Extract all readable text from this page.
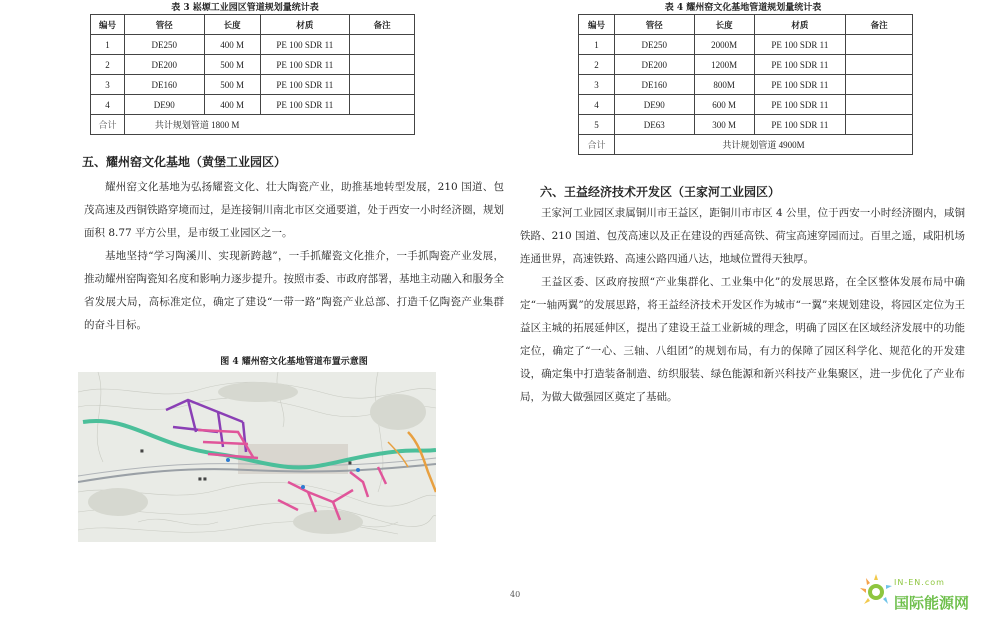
表 3 崧塬工业园区管道规划量统计表
编号	管径	长度	材质	备注
1	DE250	400 M	PE 100 SDR 11	
2	DE200	500 M	PE 100 SDR 11	
3	DE160	500 M	PE 100 SDR 11	
4	DE90	400 M	PE 100 SDR 11	
合计	共计规划管道 1800 M			
表 4 耀州窑文化基地管道规划量统计表
编号	管径	长度	材质	备注
1	DE250	2000M	PE 100 SDR 11	
2	DE200	1200M	PE 100 SDR 11	
3	DE160	800M	PE 100 SDR 11	
4	DE90	600 M	PE 100 SDR 11	
5	DE63	300 M	PE 100 SDR 11	
合计	共计规划管道 4900M			
五、耀州窑文化基地（黄堡工业园区）

耀州窑文化基地为弘扬耀瓷文化、壮大陶瓷产业，助推基地转型发展，210 国道、包茂高速及西铜铁路穿境而过，是连接铜川南北市区交通要道，处于西安一小时经济圈，规划面积 8.77 平方公里，是市级工业园区之一。

基地坚持“学习陶溪川、实现新跨越”，一手抓耀瓷文化推介，一手抓陶瓷产业发展，推动耀州窑陶瓷知名度和影响力逐步提升。按照市委、市政府部署，基地主动融入和服务全省发展大局，高标准定位，确定了建设“一带一路”陶瓷产业总部、打造千亿陶瓷产业集群的奋斗目标。

图 4 耀州窑文化基地管道布置示意图
■
■ ■
■
六、王益经济技术开发区（王家河工业园区）

王家河工业园区隶属铜川市王益区，距铜川市市区 4 公里，位于西安一小时经济圈内，咸铜铁路、210 国道、包茂高速以及正在建设的西延高铁、荷宝高速穿园而过。百里之遥，咸阳机场连通世界，高速铁路、高速公路四通八达，地域位置得天独厚。

王益区委、区政府按照“产业集群化、工业集中化”的发展思路，在全区整体发展布局中确定“一轴两翼”的发展思路，将王益经济技术开发区作为城市“一翼”来规划建设，将园区定位为王益区主城的拓展延伸区，提出了建设王益工业新城的理念，明确了园区在区域经济发展中的功能定位，确定了“一心、三轴、八组团”的规划布局，有力的保障了园区科学化、规范化的开发建设，确定集中打造装备制造、纺织服装、绿色能源和新兴科技产业集聚区，进一步优化了产业布局，为做大做强园区奠定了基础。

40
IN-EN.com
国际能源网
